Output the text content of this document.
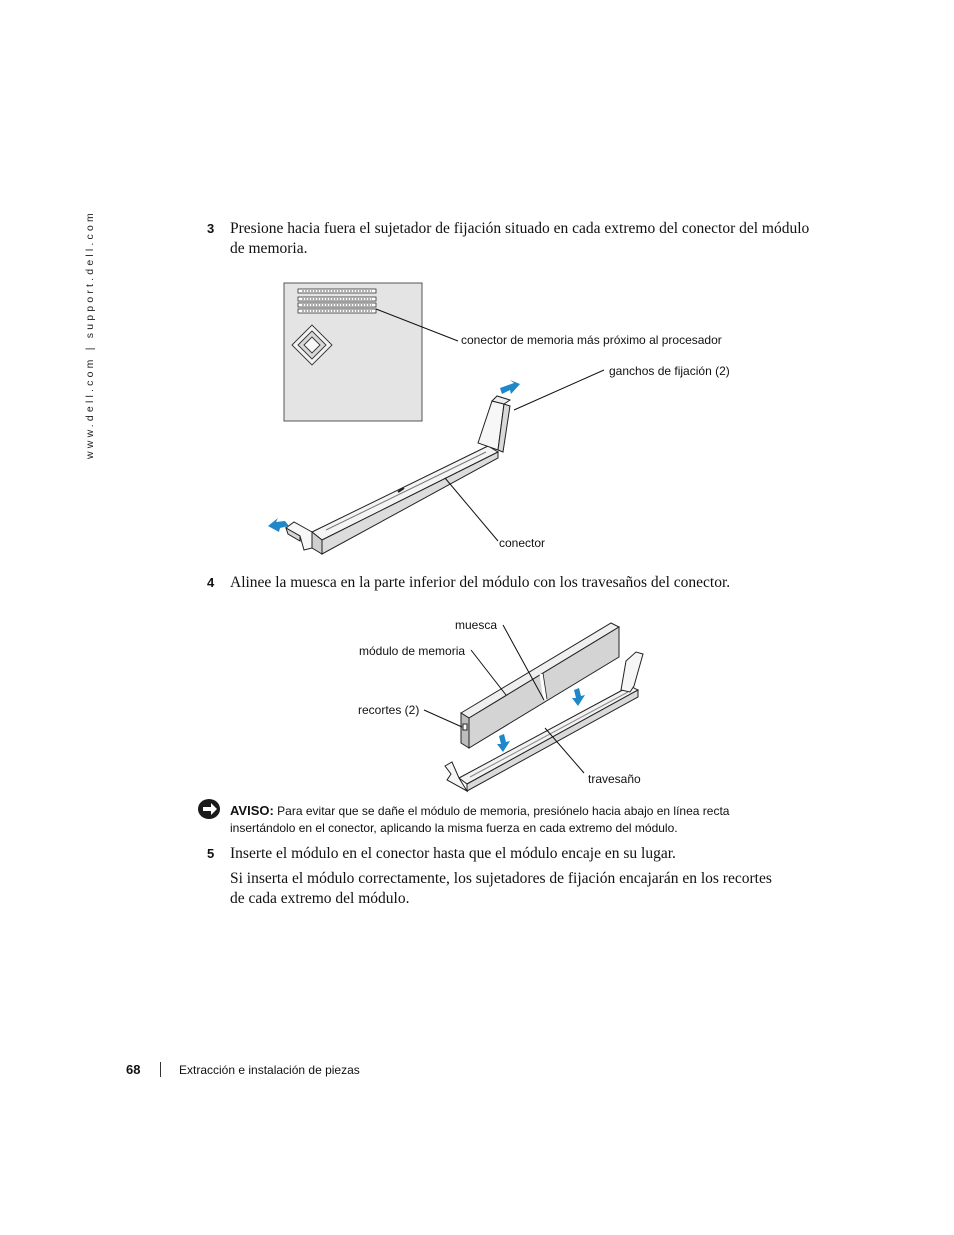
www.dell.com | support.dell.com	3 Presione hacia fuera el sujetador de fijación situado en cada extremo del conector del módulo de memoria.
conector de memoria más próximo al procesador
ganchos de fijación (2)
conector
4 Alinee la muesca en la parte inferior del módulo con los travesaños del conector.
muesca
módulo de memoria
recortes (2)
travesaño
AVISO: Para evitar que se dañe el módulo de memoria, presiónelo hacia abajo en línea recta insertándolo en el conector, aplicando la misma fuerza en cada extremo del módulo.
5 Inserte el módulo en el conector hasta que el módulo encaje en su lugar.
Si inserta el módulo correctamente, los sujetadores de fijación encajarán en los recortes de cada extremo del módulo.
68	Extracción e instalación de piezas
